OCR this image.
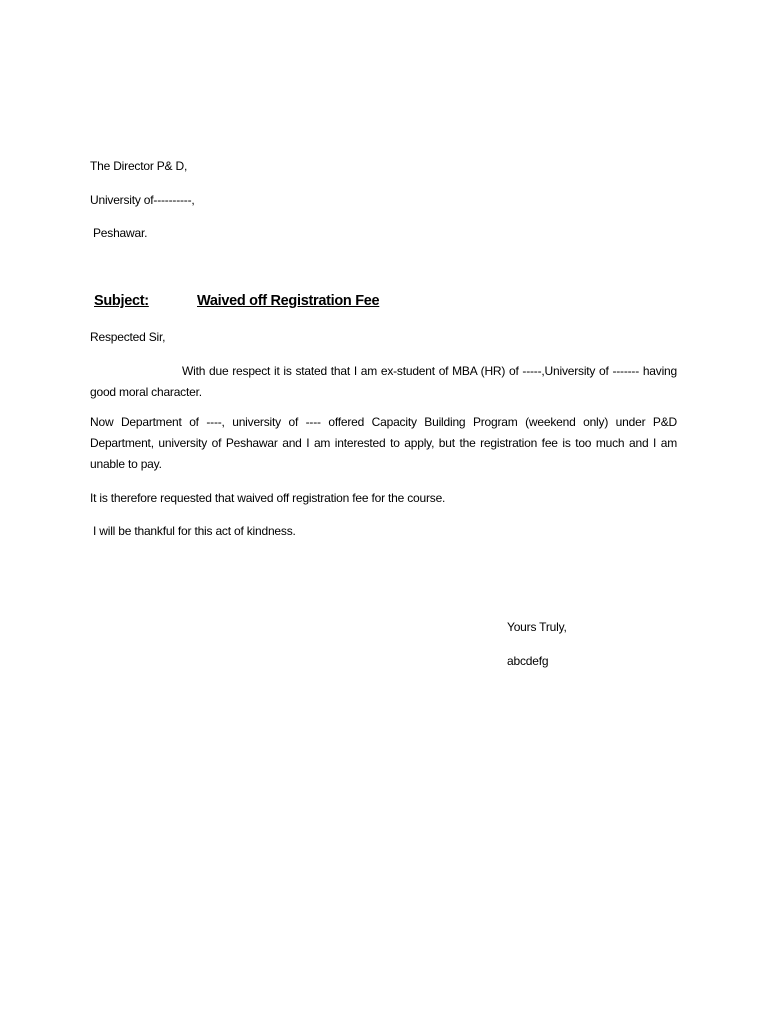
The Director P& D,
University of----------,
Peshawar.
Subject:	Waived off Registration Fee
Respected Sir,
With due respect it is stated that I am ex-student of MBA (HR) of -----,University of ------- having good moral character.
Now Department of ----, university of ---- offered Capacity Building Program (weekend only) under P&D Department, university of Peshawar and I am interested to apply, but the registration fee is too much and I am unable to pay.
It is therefore requested that waived off registration fee for the course.
I will be thankful for this act of kindness.
Yours Truly,
abcdefg
